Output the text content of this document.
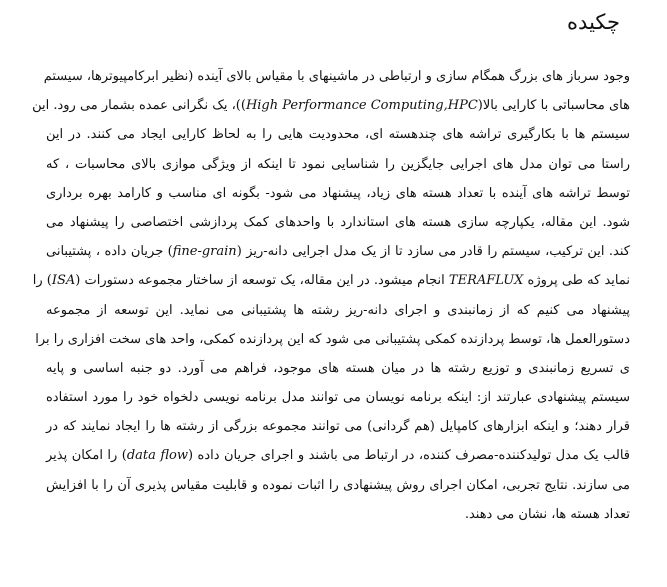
چکیده
وجود سرباز های بزرگ همگام سازی و ارتباطی در ماشینهای با مقیاس بالای آینده (نظیر ابرکامپیوترها، سیستم
های محاسباتی با کارایی بالا(High Performance Computing,HPC))، یک نگرانی عمده بشمار می رود. این
سیستم ها با بکارگیری تراشه های چندهسته ای، محدودیت هایی را به لحاظ کارایی ایجاد می کنند. در این
راستا می توان مدل های اجرایی جایگزین را شناسایی نمود تا اینکه از ویژگی موازی بالای محاسبات ، که
توسط تراشه های آینده با تعداد هسته های زیاد، پیشنهاد می شود- بگونه ای مناسب و کارامد بهره برداری
شود. این مقاله، یکپارچه سازی هسته های استاندارد با واحدهای کمک پردازشی اختصاصی را پیشنهاد می
کند. این ترکیب، سیستم را قادر می سازد تا از یک مدل اجرایی دانه-ریز (fine-grain) جریان داده ، پشتیبانی
نماید که طی پروژه TERAFLUX انجام میشود. در این مقاله، یک توسعه از ساختار مجموعه دستورات (ISA) را
پیشنهاد می کنیم که از زمانبندی و اجرای دانه-ریز رشته ها پشتیبانی می نماید. این توسعه از مجموعه
دستورالعمل ها، توسط پردازنده کمکی پشتیبانی می شود که این پردازنده کمکی، واحد های سخت افزاری را برا
ی تسریع زمانبندی و توزیع رشته ها در میان هسته های موجود، فراهم می آورد. دو جنبه اساسی و پایه
سیستم پیشنهادی عبارتند از: اینکه برنامه نویسان می توانند مدل برنامه نویسی دلخواه خود را مورد استفاده
قرار دهند؛ و اینکه ابزارهای کامپایل (هم گردانی) می توانند مجموعه بزرگی از رشته ها را ایجاد نمایند که در
قالب یک مدل تولیدکننده-مصرف کننده، در ارتباط می باشند و اجرای جریان داده (data flow) را امکان پذیر
می سازند. نتایج تجربی، امکان اجرای روش پیشنهادی را اثبات نموده و قابلیت مقیاس پذیری آن را با افزایش
تعداد هسته ها، نشان می دهند.
